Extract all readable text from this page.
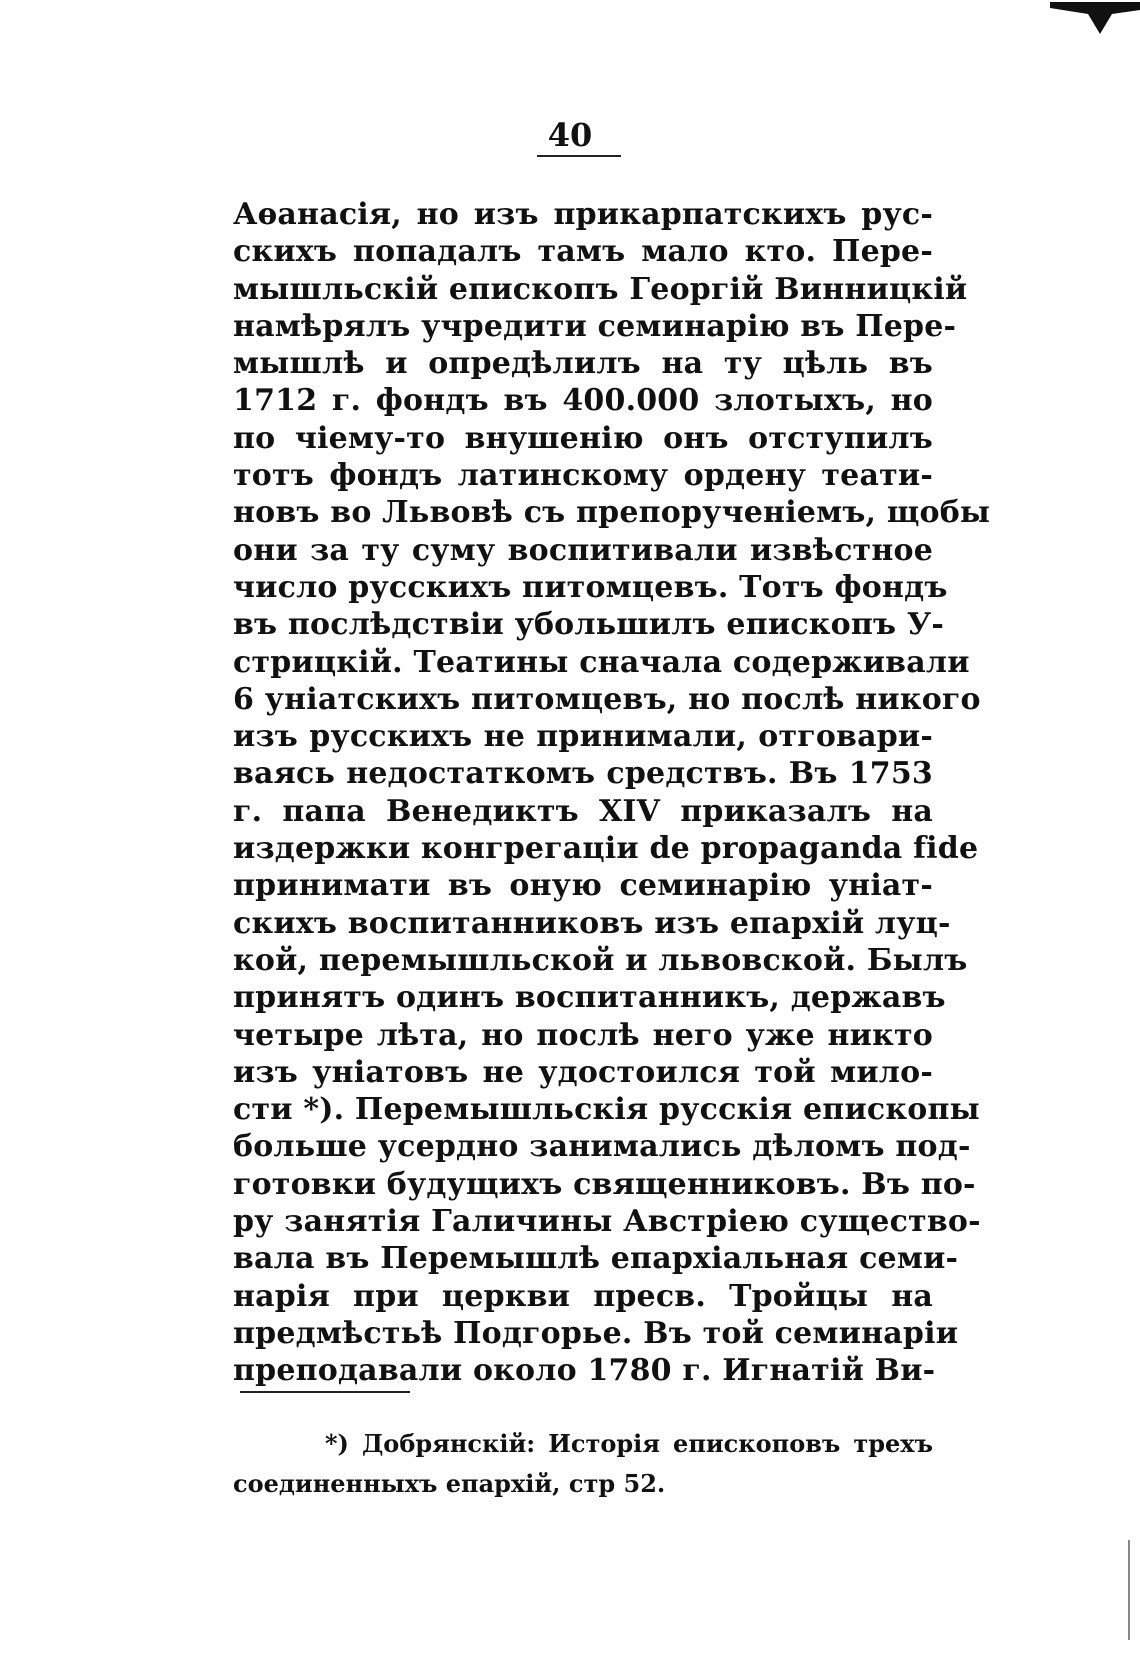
40
Аѳанасія, но изъ прикарпатскихъ рус-
скихъ попадалъ тамъ мало кто. Пере-
мышльскій епископъ Георгій Винницкій
намѣрялъ учредити семинарію въ Пере-
мышлѣ и опредѣлилъ на ту цѣль въ
1712 г. фондъ въ 400.000 злотыхъ, но
по чіему-то внушенію онъ отступилъ
тотъ фондъ латинскому ордену теати-
новъ во Львовѣ съ препорученіемъ, щобы
они за ту суму воспитивали извѣстное
число русскихъ питомцевъ. Тотъ фондъ
въ послѣдствіи убольшилъ епископъ У-
стрицкій. Театины сначала содерживали
6 уніатскихъ питомцевъ, но послѣ никого
изъ русскихъ не принимали, отговари-
ваясь недостаткомъ средствъ. Въ 1753
г. папа Венедиктъ XIV приказалъ на
издержки конгрегаціи de propaganda fide
принимати въ оную семинарію уніат-
скихъ воспитанниковъ изъ епархій луц-
кой, перемышльской и львовской. Былъ
принятъ одинъ воспитанникъ, державъ
четыре лѣта, но послѣ него уже никто
изъ уніатовъ не удостоился той милo-
сти *). Перемышльскія русскія епископы
больше усердно занимались дѣломъ под-
готовки будущихъ священниковъ. Въ по-
ру занятія Галичины Австріею существо-
вала въ Перемышлѣ епархіальная семи-
нарія при церкви пресв. Тройцы на
предмѣстьѣ Подгорье. Въ той семинаріи
преподавали около 1780 г. Игнатій Ви-
*) Добрянскій: Исторія епископовъ трехъ
соединенныхъ епархій, стр 52.
